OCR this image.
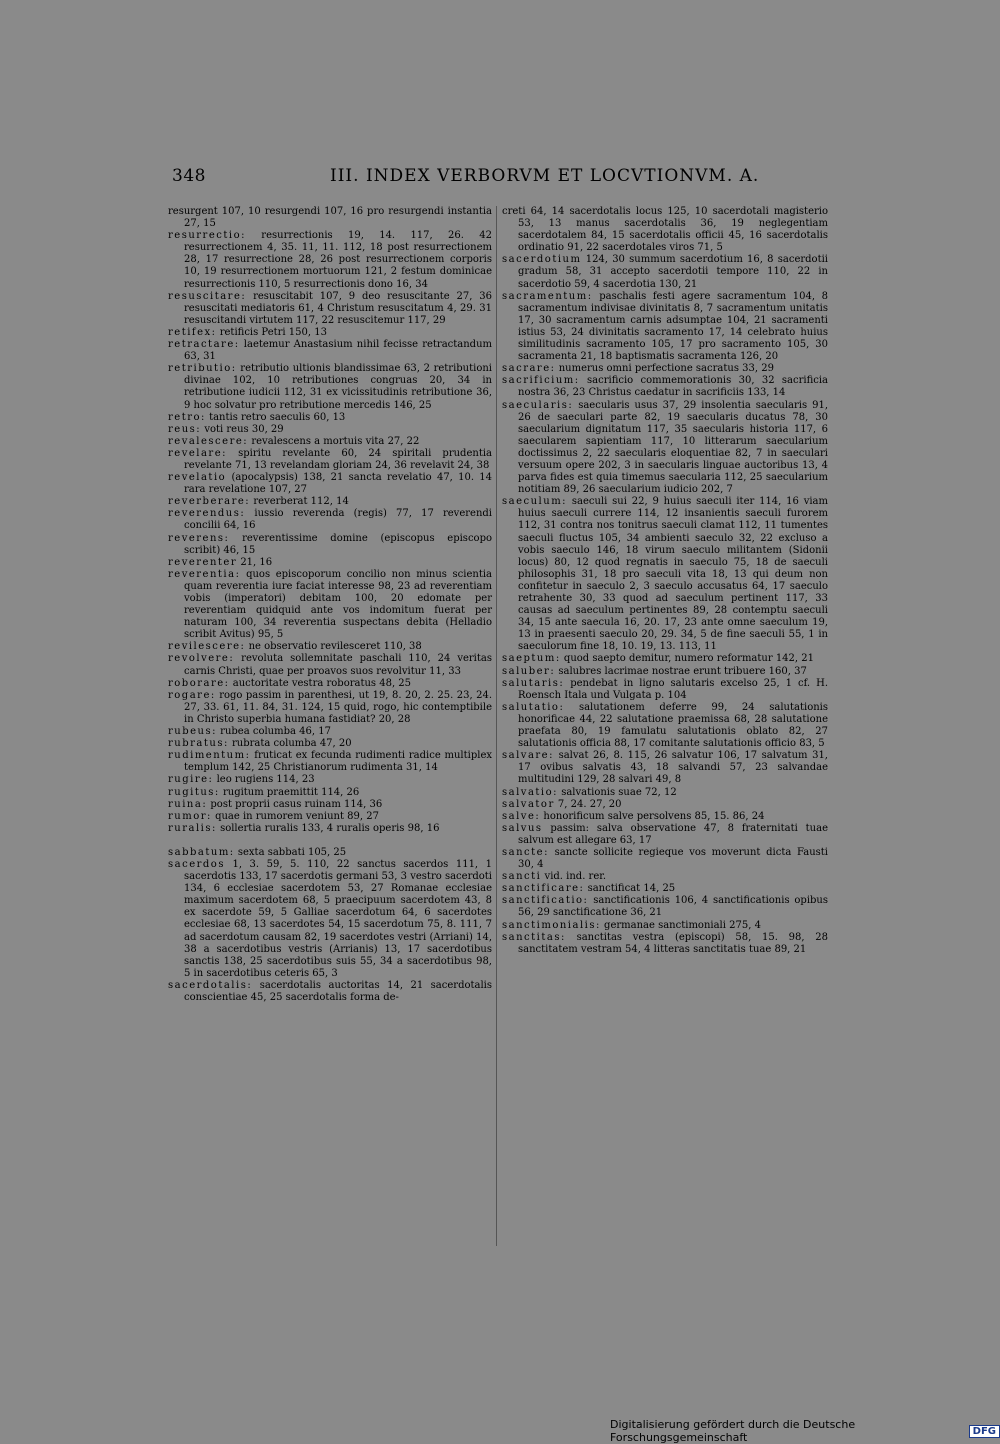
348	III. INDEX VERBORVM ET LOCVTIONVM. A.

resurgent 107, 10 resurgendi 107, 16 pro resurgendi instantia 27, 15

resurrectio: resurrectionis 19, 14. 117, 26. 42 resurrectionem 4, 35. 11, 11. 112, 18 post resurrectionem 28, 17 resurrectione 28, 26 post resurrectionem corporis 10, 19 resurrectionem mortuorum 121, 2 festum dominicae resurrectionis 110, 5 resurrectionis dono 16, 34

resuscitare: resuscitabit 107, 9 deo resuscitante 27, 36 resuscitati mediatoris 61, 4 Christum resuscitatum 4, 29. 31 resuscitandi virtutem 117, 22 resuscitemur 117, 29

retifex: retificis Petri 150, 13

retractare: laetemur Anastasium nihil fecisse retractandum 63, 31

retributio: retributio ultionis blandissimae 63, 2 retributioni divinae 102, 10 retributiones congruas 20, 34 in retributione iudicii 112, 31 ex vicissitudinis retributione 36, 9 hoc solvatur pro retributione mercedis 146, 25

retro: tantis retro saeculis 60, 13

reus: voti reus 30, 29

revalescere: revalescens a mortuis vita 27, 22

revelare: spiritu revelante 60, 24 spiritali prudentia revelante 71, 13 revelandam gloriam 24, 36 revelavit 24, 38

revelatio (apocalypsis) 138, 21 sancta revelatio 47, 10. 14 rara revelatione 107, 27

reverberare: reverberat 112, 14

reverendus: iussio reverenda (regis) 77, 17 reverendi concilii 64, 16

reverens: reverentissime domine (episcopus episcopo scribit) 46, 15

reverenter 21, 16

reverentia: quos episcoporum concilio non minus scientia quam reverentia iure faciat interesse 98, 23 ad reverentiam vobis (imperatori) debitam 100, 20 edomate per reverentiam quidquid ante vos indomitum fuerat per naturam 100, 34 reverentia suspectans debita (Helladio scribit Avitus) 95, 5

revilescere: ne observatio revilesceret 110, 38

revolvere: revoluta sollemnitate paschali 110, 24 veritas carnis Christi, quae per proavos suos revolvitur 11, 33

roborare: auctoritate vestra roboratus 48, 25

rogare: rogo passim in parenthesi, ut 19, 8. 20, 2. 25. 23, 24. 27, 33. 61, 11. 84, 31. 124, 15 quid, rogo, hic contemptibile in Christo superbia humana fastidiat? 20, 28

rubeus: rubea columba 46, 17

rubratus: rubrata columba 47, 20

rudimentum: fruticat ex fecunda rudimenti radice multiplex templum 142, 25 Christianorum rudimenta 31, 14

rugire: leo rugiens 114, 23

rugitus: rugitum praemittit 114, 26

ruina: post proprii casus ruinam 114, 36

rumor: quae in rumorem veniunt 89, 27

ruralis: sollertia ruralis 133, 4 ruralis operis 98, 16

sabbatum: sexta sabbati 105, 25

sacerdos 1, 3. 59, 5. 110, 22 sanctus sacerdos 111, 1 sacerdotis 133, 17 sacerdotis germani 53, 3 vestro sacerdoti 134, 6 ecclesiae sacerdotem 53, 27 Romanae ecclesiae maximum sacerdotem 68, 5 praecipuum sacerdotem 43, 8 ex sacerdote 59, 5 Galliae sacerdotum 64, 6 sacerdotes ecclesiae 68, 13 sacerdotes 54, 15 sacerdotum 75, 8. 111, 7 ad sacerdotum causam 82, 19 sacerdotes vestri (Arriani) 14, 38 a sacerdotibus vestris (Arrianis) 13, 17 sacerdotibus sanctis 138, 25 sacerdotibus suis 55, 34 a sacerdotibus 98, 5 in sacerdotibus ceteris 65, 3

sacerdotalis: sacerdotalis auctoritas 14, 21 sacerdotalis conscientiae 45, 25 sacerdotalis forma de-

creti 64, 14 sacerdotalis locus 125, 10 sacerdotali magisterio 53, 13 manus sacerdotalis 36, 19 neglegentiam sacerdotalem 84, 15 sacerdotalis officii 45, 16 sacerdotalis ordinatio 91, 22 sacerdotales viros 71, 5

sacerdotium 124, 30 summum sacerdotium 16, 8 sacerdotii gradum 58, 31 accepto sacerdotii tempore 110, 22 in sacerdotio 59, 4 sacerdotia 130, 21

sacramentum: paschalis festi agere sacramentum 104, 8 sacramentum indivisae divinitatis 8, 7 sacramentum unitatis 17, 30 sacramentum carnis adsumptae 104, 21 sacramenti istius 53, 24 divinitatis sacramento 17, 14 celebrato huius similitudinis sacramento 105, 17 pro sacramento 105, 30 sacramenta 21, 18 baptismatis sacramenta 126, 20

sacrare: numerus omni perfectione sacratus 33, 29

sacrificium: sacrificio commemorationis 30, 32 sacrificia nostra 36, 23 Christus caedatur in sacrificiis 133, 14

saecularis: saecularis usus 37, 29 insolentia saecularis 91, 26 de saeculari parte 82, 19 saecularis ducatus 78, 30 saecularium dignitatum 117, 35 saecularis historia 117, 6 saecularem sapientiam 117, 10 litterarum saecularium doctissimus 2, 22 saecularis eloquentiae 82, 7 in saeculari versuum opere 202, 3 in saecularis linguae auctoribus 13, 4 parva fides est quia timemus saecularia 112, 25 saecularium notitiam 89, 26 saecularium iudicio 202, 7

saeculum: saeculi sui 22, 9 huius saeculi iter 114, 16 viam huius saeculi currere 114, 12 insanientis saeculi furorem 112, 31 contra nos tonitrus saeculi clamat 112, 11 tumentes saeculi fluctus 105, 34 ambienti saeculo 32, 22 excluso a vobis saeculo 146, 18 virum saeculo militantem (Sidonii locus) 80, 12 quod regnatis in saeculo 75, 18 de saeculi philosophis 31, 18 pro saeculi vita 18, 13 qui deum non confitetur in saeculo 2, 3 saeculo accusatus 64, 17 saeculo retrahente 30, 33 quod ad saeculum pertinent 117, 33 causas ad saeculum pertinentes 89, 28 contemptu saeculi 34, 15 ante saecula 16, 20. 17, 23 ante omne saeculum 19, 13 in praesenti saeculo 20, 29. 34, 5 de fine saeculi 55, 1 in saeculorum fine 18, 10. 19, 13. 113, 11

saeptum: quod saepto demitur, numero reformatur 142, 21

saluber: salubres lacrimae nostrae erunt tribuere 160, 37

salutaris: pendebat in ligno salutaris excelso 25, 1 cf. H. Roensch Itala und Vulgata p. 104

salutatio: salutationem deferre 99, 24 salutationis honorificae 44, 22 salutatione praemissa 68, 28 salutatione praefata 80, 19 famulatu salutationis oblato 82, 27 salutationis officia 88, 17 comitante salutationis officio 83, 5

salvare: salvat 26, 8. 115, 26 salvatur 106, 17 salvatum 31, 17 ovibus salvatis 43, 18 salvandi 57, 23 salvandae multitudini 129, 28 salvari 49, 8

salvatio: salvationis suae 72, 12

salvator 7, 24. 27, 20

salve: honorificum salve persolvens 85, 15. 86, 24

salvus passim: salva observatione 47, 8 fraternitati tuae salvum est allegare 63, 17

sancte: sancte sollicite regieque vos moverunt dicta Fausti 30, 4

sancti vid. ind. rer.

sanctificare: sanctificat 14, 25

sanctificatio: sanctificationis 106, 4 sanctificationis opibus 56, 29 sanctificatione 36, 21

sanctimonialis: germanae sanctimoniali 275, 4

sanctitas: sanctitas vestra (episcopi) 58, 15. 98, 28 sanctitatem vestram 54, 4 litteras sanctitatis tuae 89, 21

Digitalisierung gefördert durch die Deutsche Forschungsgemeinschaft	DFG
